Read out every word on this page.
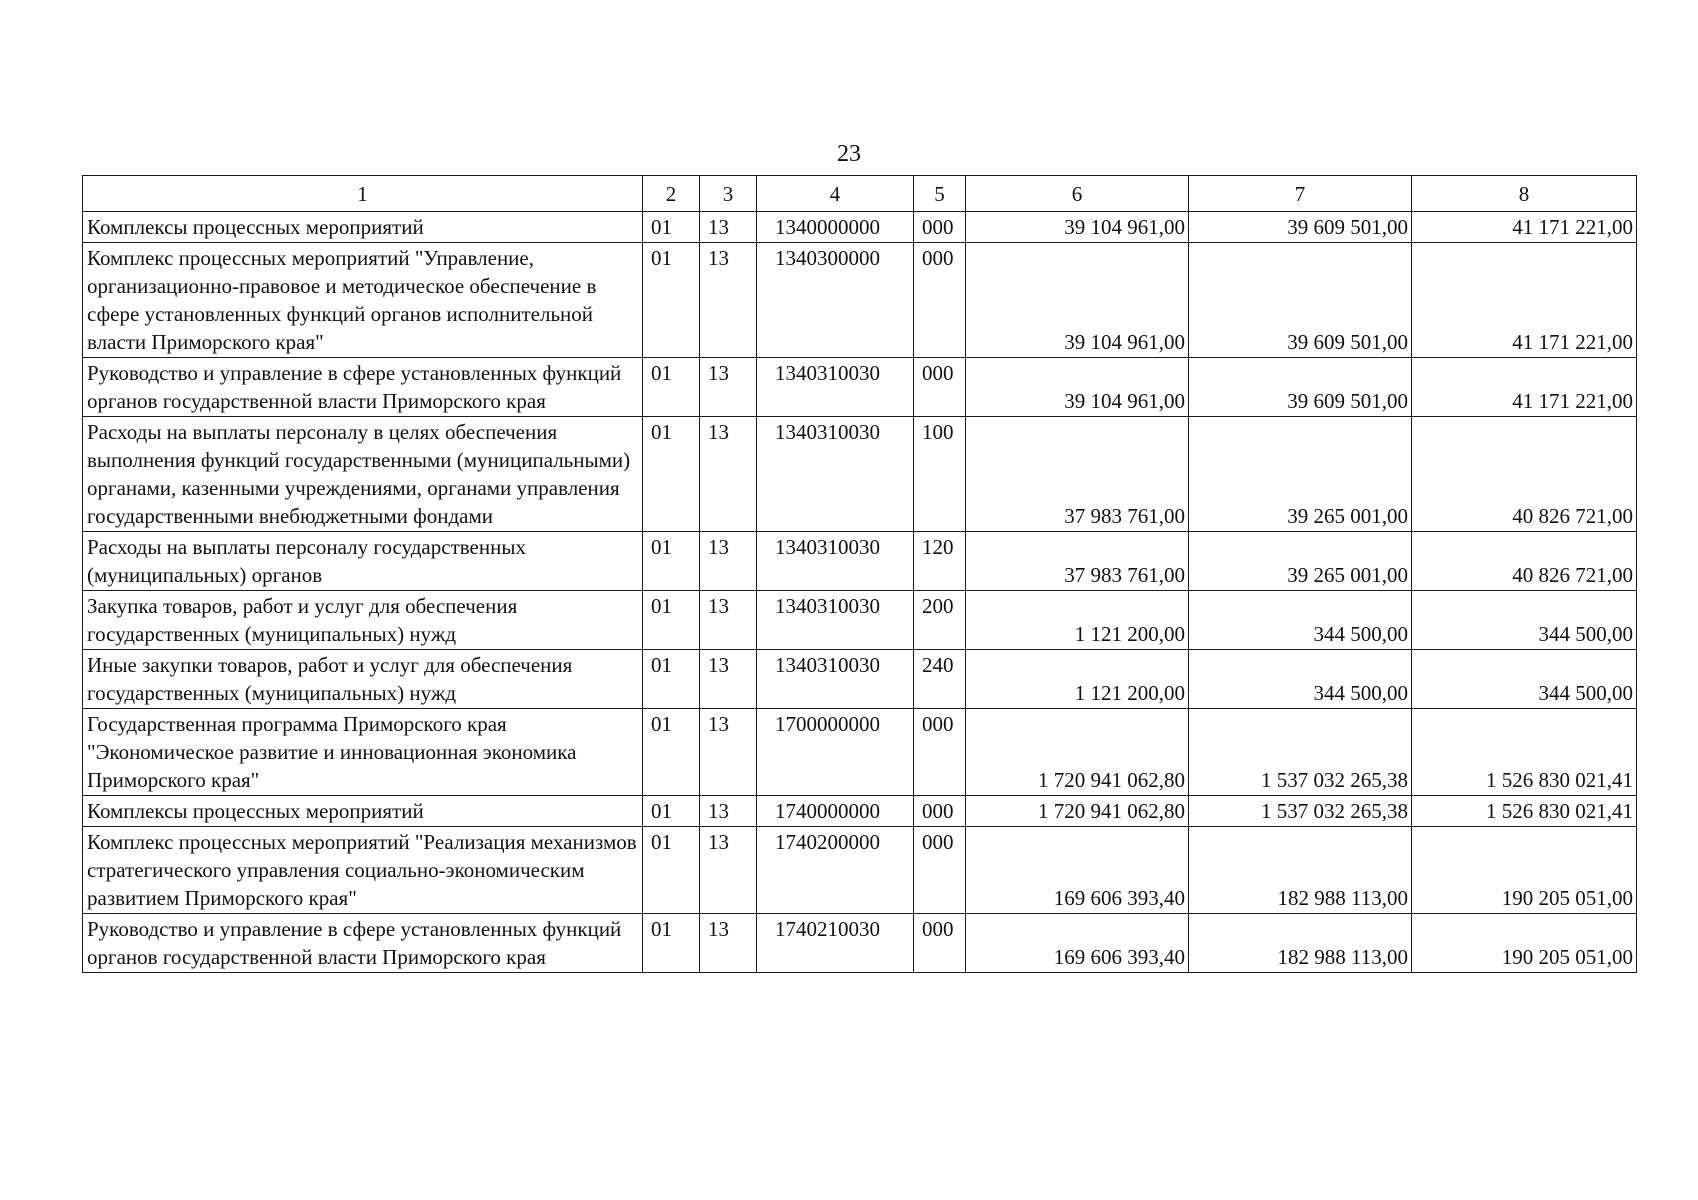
23
1	2	3	4	5	6	7	8
Комплексы процессных мероприятий	01	13	1340000000	000	39 104 961,00	39 609 501,00	41 171 221,00
Комплекс процессных мероприятий "Управление, организационно-правовое и методическое обеспечение в сфере установленных функций органов исполнительной власти Приморского края"	01	13	1340300000	000	39 104 961,00	39 609 501,00	41 171 221,00
Руководство и управление в сфере установленных функций органов государственной власти Приморского края	01	13	1340310030	000	39 104 961,00	39 609 501,00	41 171 221,00
Расходы на выплаты персоналу в целях обеспечения выполнения функций государственными (муниципальными) органами, казенными учреждениями, органами управления государственными внебюджетными фондами	01	13	1340310030	100	37 983 761,00	39 265 001,00	40 826 721,00
Расходы на выплаты персоналу государственных (муниципальных) органов	01	13	1340310030	120	37 983 761,00	39 265 001,00	40 826 721,00
Закупка товаров, работ и услуг для обеспечения государственных (муниципальных) нужд	01	13	1340310030	200	1 121 200,00	344 500,00	344 500,00
Иные закупки товаров, работ и услуг для обеспечения государственных (муниципальных) нужд	01	13	1340310030	240	1 121 200,00	344 500,00	344 500,00
Государственная программа Приморского края "Экономическое развитие и инновационная экономика Приморского края"	01	13	1700000000	000	1 720 941 062,80	1 537 032 265,38	1 526 830 021,41
Комплексы процессных мероприятий	01	13	1740000000	000	1 720 941 062,80	1 537 032 265,38	1 526 830 021,41
Комплекс процессных мероприятий "Реализация механизмов стратегического управления социально-экономическим развитием Приморского края"	01	13	1740200000	000	169 606 393,40	182 988 113,00	190 205 051,00
Руководство и управление в сфере установленных функций органов государственной власти Приморского края	01	13	1740210030	000	169 606 393,40	182 988 113,00	190 205 051,00
